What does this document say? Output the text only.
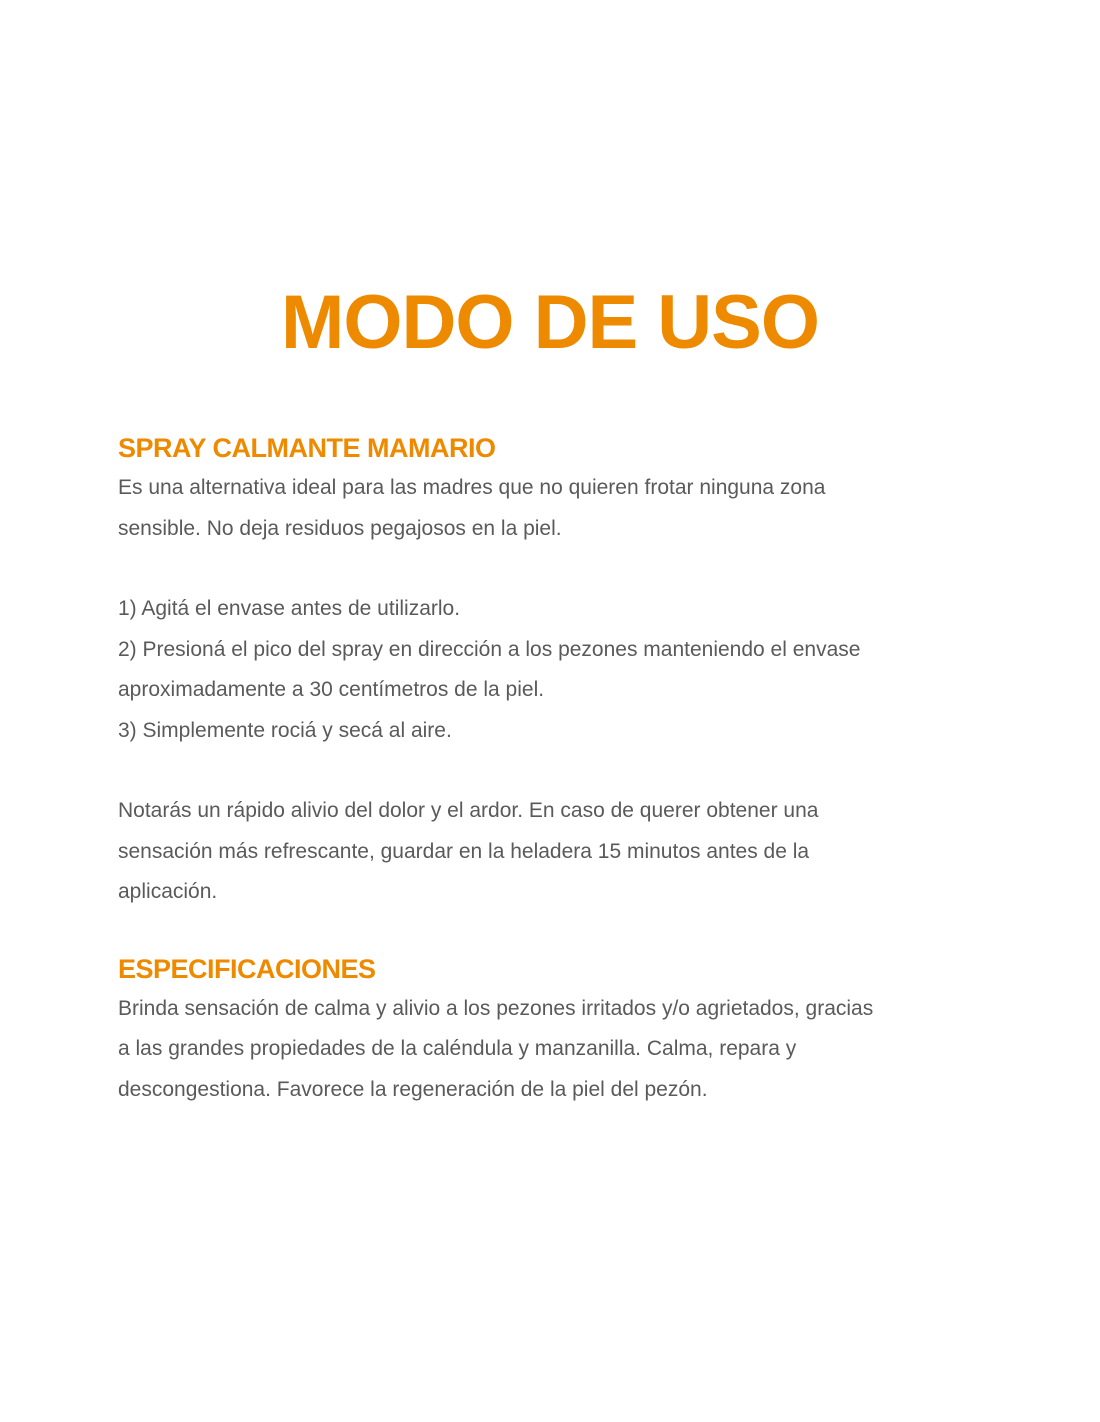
MODO DE USO
SPRAY CALMANTE MAMARIO

Es una alternativa ideal para las madres que no quieren frotar ninguna zona

sensible. No deja residuos pegajosos en la piel.

1) Agitá el envase antes de utilizarlo.

2) Presioná el pico del spray en dirección a los pezones manteniendo el envase

aproximadamente a 30 centímetros de la piel.

3) Simplemente rociá y secá al aire.

Notarás un rápido alivio del dolor y el ardor. En caso de querer obtener una

sensación más refrescante, guardar en la heladera 15 minutos antes de la

aplicación.

ESPECIFICACIONES

Brinda sensación de calma y alivio a los pezones irritados y/o agrietados, gracias

a las grandes propiedades de la caléndula y manzanilla. Calma, repara y

descongestiona. Favorece la regeneración de la piel del pezón.
